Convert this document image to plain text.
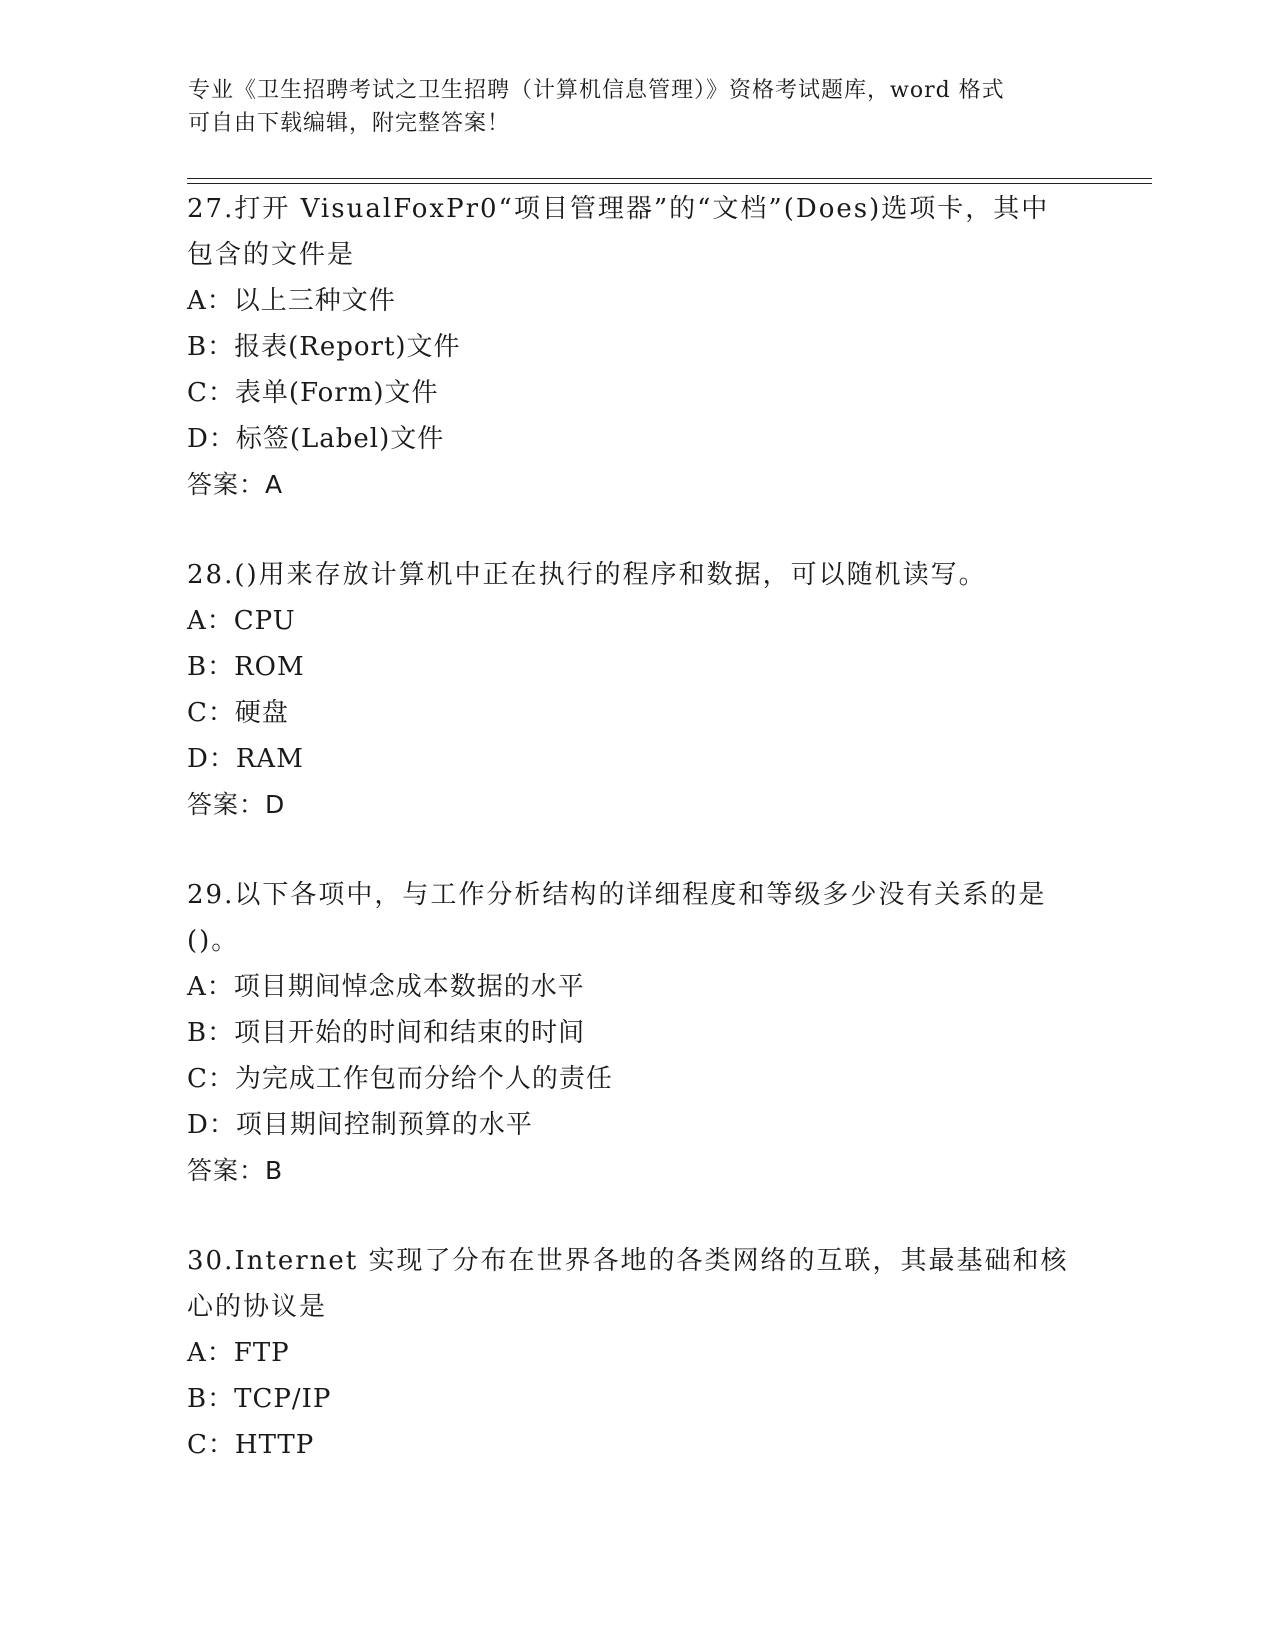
专业《卫生招聘考试之卫生招聘（计算机信息管理）》资格考试题库，word 格式
可自由下载编辑，附完整答案！
27.打开 VisualFoxPr0“项目管理器”的“文档”(Does)选项卡，其中
包含的文件是
A：以上三种文件
B：报表(Report)文件
C：表单(Form)文件
D：标签(Label)文件
答案：A
28.()用来存放计算机中正在执行的程序和数据，可以随机读写。
A：CPU
B：ROM
C：硬盘
D：RAM
答案：D
29.以下各项中，与工作分析结构的详细程度和等级多少没有关系的是
()。
A：项目期间悼念成本数据的水平
B：项目开始的时间和结束的时间
C：为完成工作包而分给个人的责任
D：项目期间控制预算的水平
答案：B
30.Internet 实现了分布在世界各地的各类网络的互联，其最基础和核
心的协议是
A：FTP
B：TCP/IP
C：HTTP
